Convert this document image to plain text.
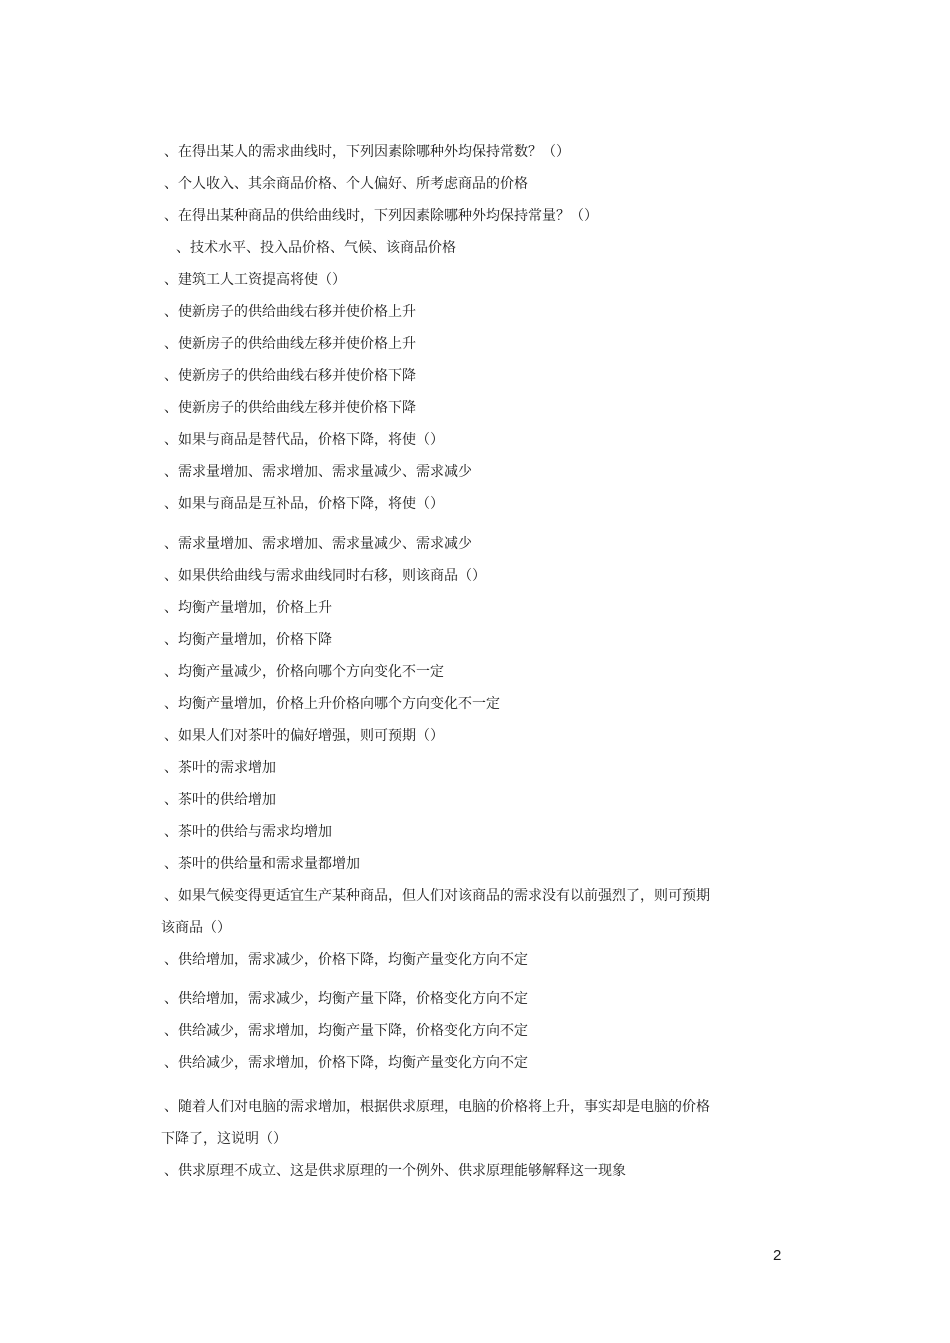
、在得出某人的需求曲线时，下列因素除哪种外均保持常数？（）
、个人收入、其余商品价格、个人偏好、所考虑商品的价格
、在得出某种商品的供给曲线时，下列因素除哪种外均保持常量？（）
、技术水平、投入品价格、气候、该商品价格
、建筑工人工资提高将使（）
、使新房子的供给曲线右移并使价格上升
、使新房子的供给曲线左移并使价格上升
、使新房子的供给曲线右移并使价格下降
、使新房子的供给曲线左移并使价格下降
、如果与商品是替代品，价格下降，将使（）
、需求量增加、需求增加、需求量减少、需求减少
、如果与商品是互补品，价格下降，将使（）
、需求量增加、需求增加、需求量减少、需求减少
、如果供给曲线与需求曲线同时右移，则该商品（）
、均衡产量增加，价格上升
、均衡产量增加，价格下降
、均衡产量减少，价格向哪个方向变化不一定
、均衡产量增加，价格上升价格向哪个方向变化不一定
、如果人们对茶叶的偏好增强，则可预期（）
、茶叶的需求增加
、茶叶的供给增加
、茶叶的供给与需求均增加
、茶叶的供给量和需求量都增加
、如果气候变得更适宜生产某种商品，但人们对该商品的需求没有以前强烈了，则可预期
该商品（）
、供给增加，需求减少，价格下降，均衡产量变化方向不定
、供给增加，需求减少，均衡产量下降，价格变化方向不定
、供给减少，需求增加，均衡产量下降，价格变化方向不定
、供给减少，需求增加，价格下降，均衡产量变化方向不定
、随着人们对电脑的需求增加，根据供求原理，电脑的价格将上升，事实却是电脑的价格
下降了，这说明（）
、供求原理不成立、这是供求原理的一个例外、供求原理能够解释这一现象
2
